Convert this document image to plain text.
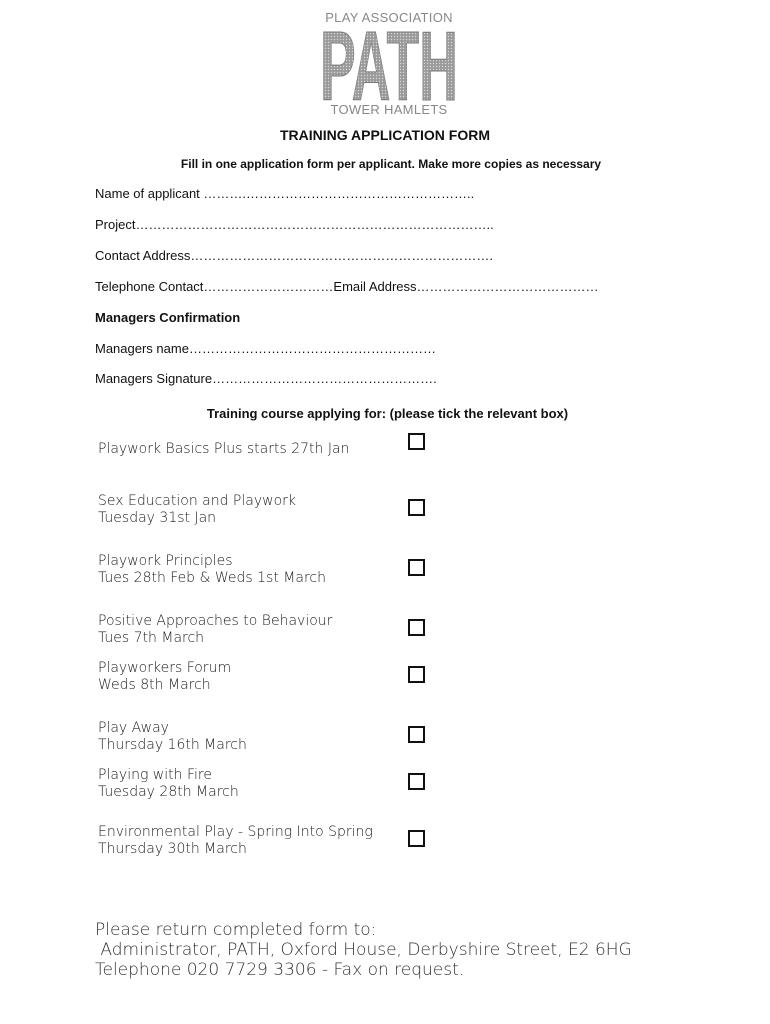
PLAY ASSOCIATION
PATH
TOWER HAMLETS
TRAINING APPLICATION FORM
Fill in one application form per applicant. Make more copies as necessary
Name of applicant ……….……………………………………………..
Project………………………………………………………………………..
Contact Address…………………………………………………………….
Telephone Contact…………………………Email Address……………………………………
Managers Confirmation
Managers name…………………………………………………
Managers Signature…………………………………………….
Training course applying for: (please tick the relevant box)
Playwork Basics Plus starts 27th Jan
Sex Education and Playwork
Tuesday 31st Jan
Playwork Principles
Tues 28th Feb & Weds 1st March
Positive Approaches to Behaviour
Tues 7th March
Playworkers Forum
Weds 8th March
Play Away
Thursday 16th March
Playing with Fire
Tuesday 28th March
Environmental Play - Spring Into Spring
Thursday 30th March
Please return completed form to:
Administrator, PATH, Oxford House, Derbyshire Street, E2 6HG
Telephone 020 7729 3306 - Fax on request.
